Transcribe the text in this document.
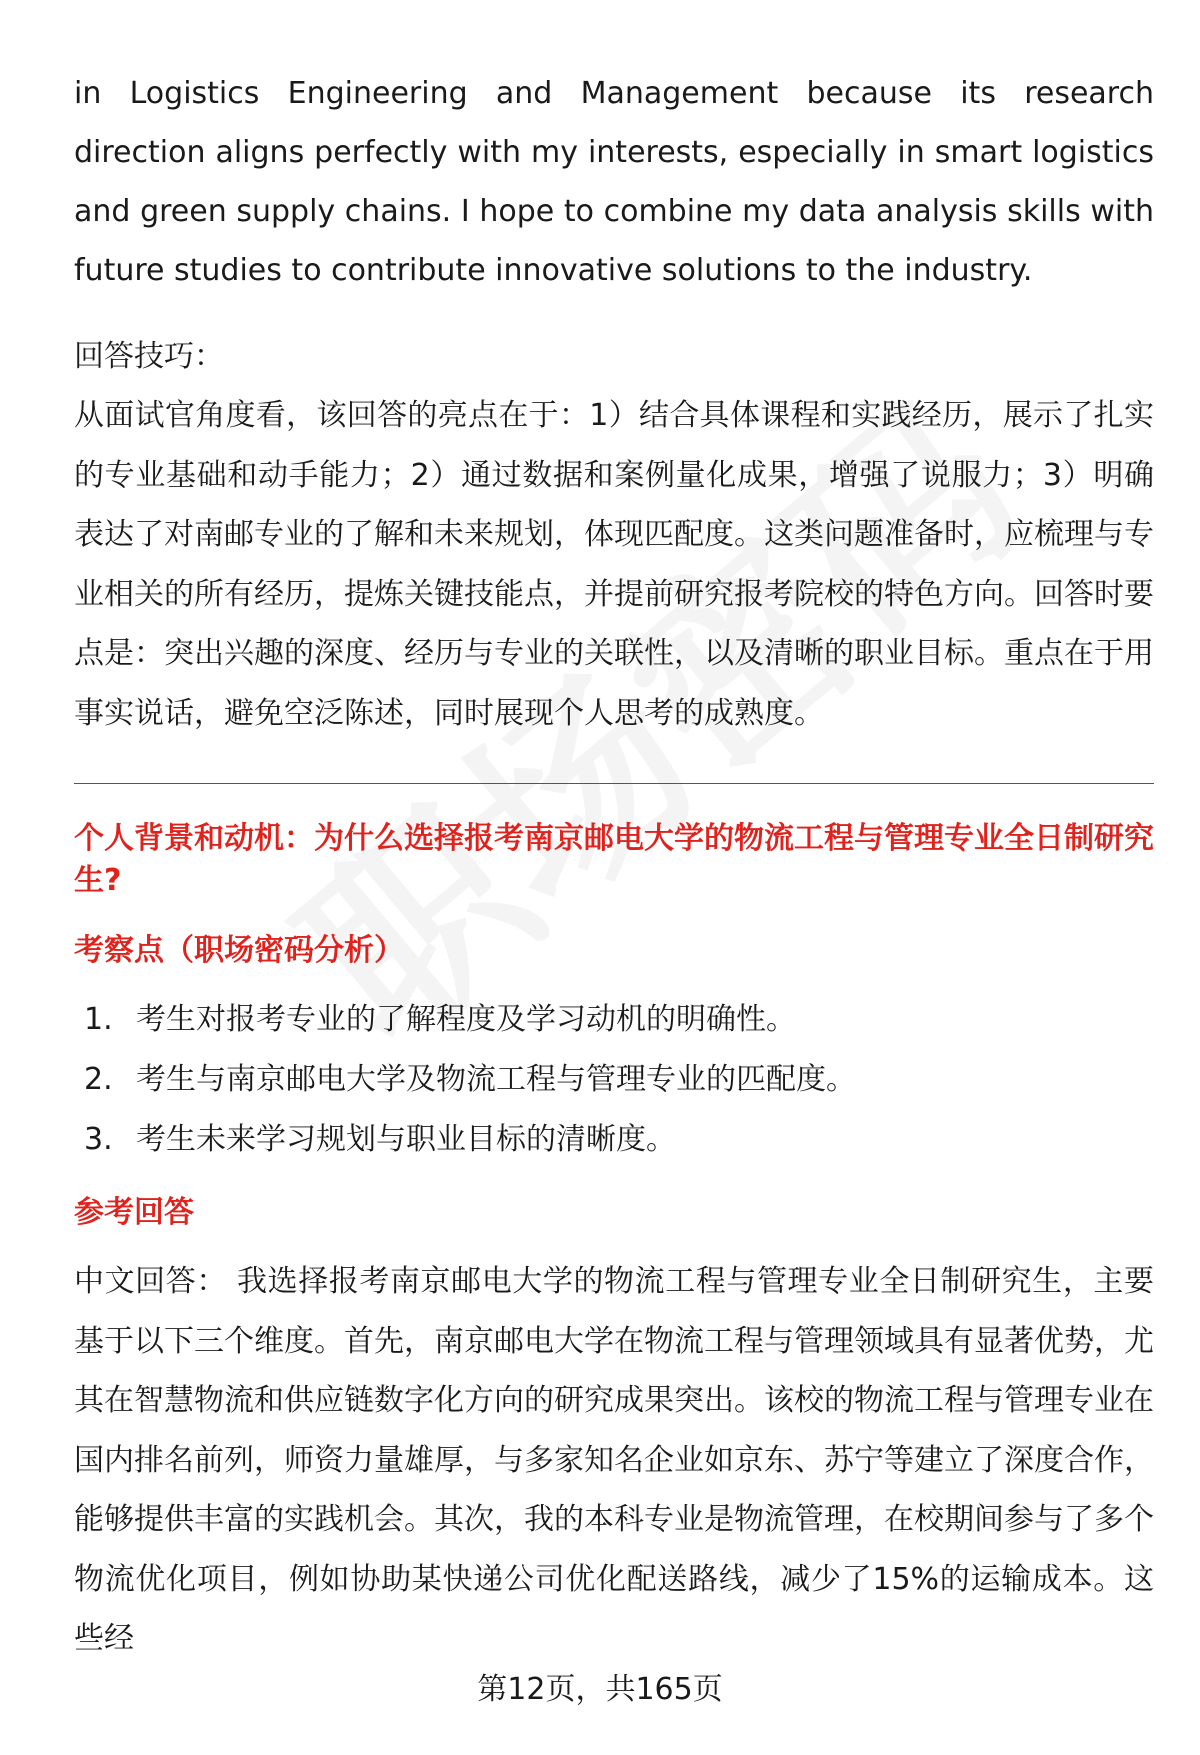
in Logistics Engineering and Management because its research direction aligns perfectly with my interests, especially in smart logistics and green supply chains. I hope to combine my data analysis skills with future studies to contribute innovative solutions to the industry.

回答技巧：

从面试官角度看，该回答的亮点在于：1）结合具体课程和实践经历，展示了扎实的专业基础和动手能力；2）通过数据和案例量化成果，增强了说服力；3）明确表达了对南邮专业的了解和未来规划，体现匹配度。这类问题准备时，应梳理与专业相关的所有经历，提炼关键技能点，并提前研究报考院校的特色方向。回答时要点是：突出兴趣的深度、经历与专业的关联性，以及清晰的职业目标。重点在于用事实说话，避免空泛陈述，同时展现个人思考的成熟度。

个人背景和动机：为什么选择报考南京邮电大学的物流工程与管理专业全日制研究生?
考察点（职场密码分析）
1. 考生对报考专业的了解程度及学习动机的明确性。
2. 考生与南京邮电大学及物流工程与管理专业的匹配度。
3. 考生未来学习规划与职业目标的清晰度。
参考回答

中文回答： 我选择报考南京邮电大学的物流工程与管理专业全日制研究生，主要基于以下三个维度。首先，南京邮电大学在物流工程与管理领域具有显著优势，尤其在智慧物流和供应链数字化方向的研究成果突出。该校的物流工程与管理专业在国内排名前列，师资力量雄厚，与多家知名企业如京东、苏宁等建立了深度合作，能够提供丰富的实践机会。其次，我的本科专业是物流管理，在校期间参与了多个物流优化项目，例如协助某快递公司优化配送路线，减少了15%的运输成本。这些经

第12页，共165页
